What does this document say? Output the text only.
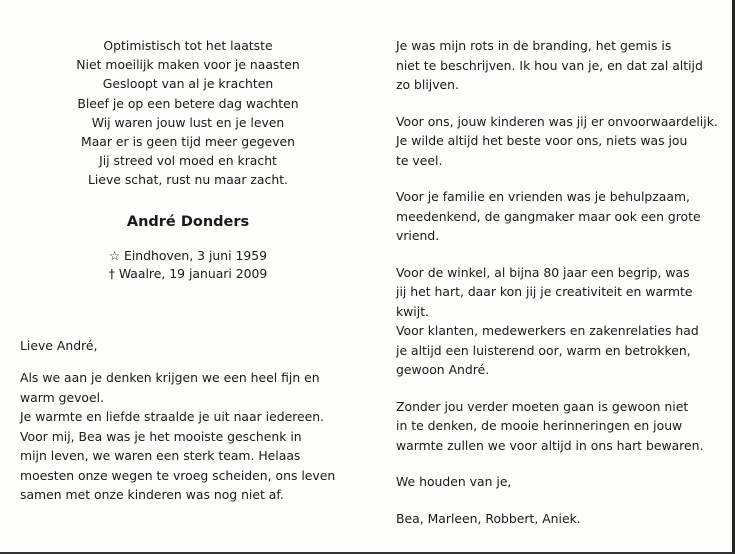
Optimistisch tot het laatste
Niet moeilijk maken voor je naasten
Gesloopt van al je krachten
Bleef je op een betere dag wachten
Wij waren jouw lust en je leven
Maar er is geen tijd meer gegeven
Jij streed vol moed en kracht
Lieve schat, rust nu maar zacht.
André Donders
☆ Eindhoven, 3 juni 1959
† Waalre, 19 januari 2009
Lieve André,
Als we aan je denken krijgen we een heel fijn en
warm gevoel.
Je warmte en liefde straalde je uit naar iedereen.
Voor mij, Bea was je het mooiste geschenk in
mijn leven, we waren een sterk team. Helaas
moesten onze wegen te vroeg scheiden, ons leven
samen met onze kinderen was nog niet af.
Je was mijn rots in de branding, het gemis is
niet te beschrijven. Ik hou van je, en dat zal altijd
zo blijven.
Voor ons, jouw kinderen was jij er onvoorwaardelijk.
Je wilde altijd het beste voor ons, niets was jou
te veel.
Voor je familie en vrienden was je behulpzaam,
meedenkend, de gangmaker maar ook een grote
vriend.
Voor de winkel, al bijna 80 jaar een begrip, was
jij het hart, daar kon jij je creativiteit en warmte
kwijt.
Voor klanten, medewerkers en zakenrelaties had
je altijd een luisterend oor, warm en betrokken,
gewoon André.
Zonder jou verder moeten gaan is gewoon niet
in te denken, de mooie herinneringen en jouw
warmte zullen we voor altijd in ons hart bewaren.
We houden van je,
Bea, Marleen, Robbert, Aniek.
